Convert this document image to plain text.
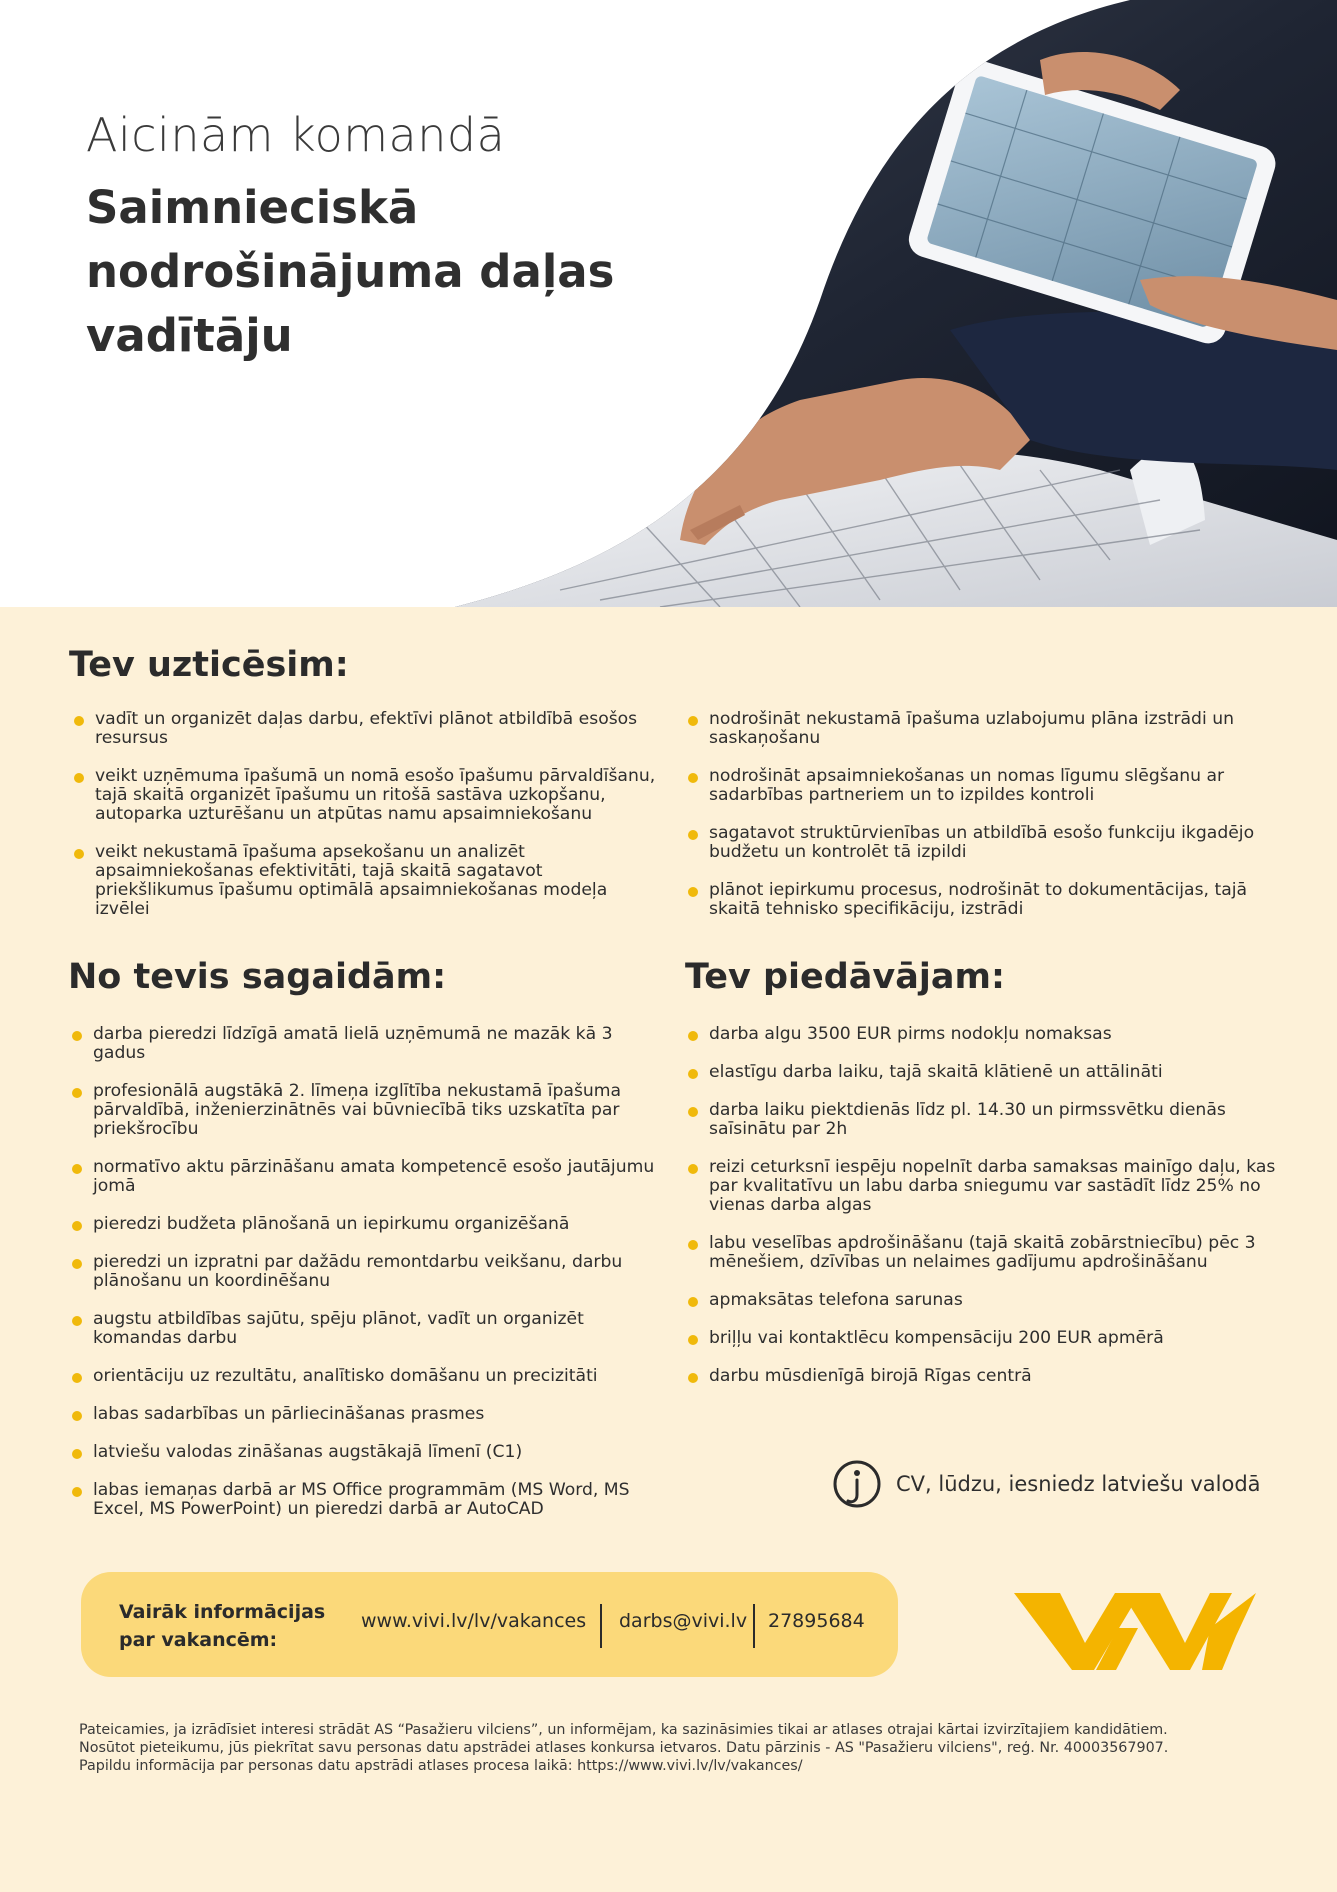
Aicinām komandā
Saimnieciskā nodrošinājuma daļas vadītāju
Tev uzticēsim:
vadīt un organizēt daļas darbu, efektīvi plānot atbildībā esošos resursus
veikt uzņēmuma īpašumā un nomā esošo īpašumu pārvaldīšanu, tajā skaitā organizēt īpašumu un ritošā sastāva uzkopšanu, autoparka uzturēšanu un atpūtas namu apsaimniekošanu
veikt nekustamā īpašuma apsekošanu un analizēt apsaimniekošanas efektivitāti, tajā skaitā sagatavot priekšlikumus īpašumu optimālā apsaimniekošanas modeļa izvēlei
nodrošināt nekustamā īpašuma uzlabojumu plāna izstrādi un saskaņošanu
nodrošināt apsaimniekošanas un nomas līgumu slēgšanu ar sadarbības partneriem un to izpildes kontroli
sagatavot struktūrvienības un atbildībā esošo funkciju ikgadējo budžetu un kontrolēt tā izpildi
plānot iepirkumu procesus, nodrošināt to dokumentācijas, tajā skaitā tehnisko specifikāciju, izstrādi
No tevis sagaidām:
darba pieredzi līdzīgā amatā lielā uzņēmumā ne mazāk kā 3 gadus
profesionālā augstākā 2. līmeņa izglītība nekustamā īpašuma pārvaldībā, inženierzinātnēs vai būvniecībā tiks uzskatīta par priekšrocību
normatīvo aktu pārzināšanu amata kompetencē esošo jautājumu jomā
pieredzi budžeta plānošanā un iepirkumu organizēšanā
pieredzi un izpratni par dažādu remontdarbu veikšanu, darbu plānošanu un koordinēšanu
augstu atbildības sajūtu, spēju plānot, vadīt un organizēt komandas darbu
orientāciju uz rezultātu, analītisko domāšanu un precizitāti
labas sadarbības un pārliecināšanas prasmes
latviešu valodas zināšanas augstākajā līmenī (C1)
labas iemaņas darbā ar MS Office programmām (MS Word, MS Excel, MS PowerPoint) un pieredzi darbā ar AutoCAD
Tev piedāvājam:
darba algu 3500 EUR pirms nodokļu nomaksas
elastīgu darba laiku, tajā skaitā klātienē un attālināti
darba laiku piektdienās līdz pl. 14.30 un pirmssvētku dienās saīsinātu par 2h
reizi ceturksnī iespēju nopelnīt darba samaksas mainīgo daļu, kas par kvalitatīvu un labu darba sniegumu var sastādīt līdz 25% no vienas darba algas
labu veselības apdrošināšanu (tajā skaitā zobārstniecību) pēc 3 mēnešiem, dzīvības un nelaimes gadījumu apdrošināšanu
apmaksātas telefona sarunas
briļļu vai kontaktlēcu kompensāciju 200 EUR apmērā
darbu mūsdienīgā birojā Rīgas centrā
CV, lūdzu, iesniedz latviešu valodā
Vairāk informācijas par vakancēm:
www.vivi.lv/lv/vakances darbs@vivi.lv 27895684
Pateicamies, ja izrādīsiet interesi strādāt AS “Pasažieru vilciens”, un informējam, ka sazināsimies tikai ar atlases otrajai kārtai izvirzītajiem kandidātiem.
Nosūtot pieteikumu, jūs piekrītat savu personas datu apstrādei atlases konkursa ietvaros. Datu pārzinis - AS "Pasažieru vilciens", reģ. Nr. 40003567907.
Papildu informācija par personas datu apstrādi atlases procesa laikā: https://www.vivi.lv/lv/vakances/
